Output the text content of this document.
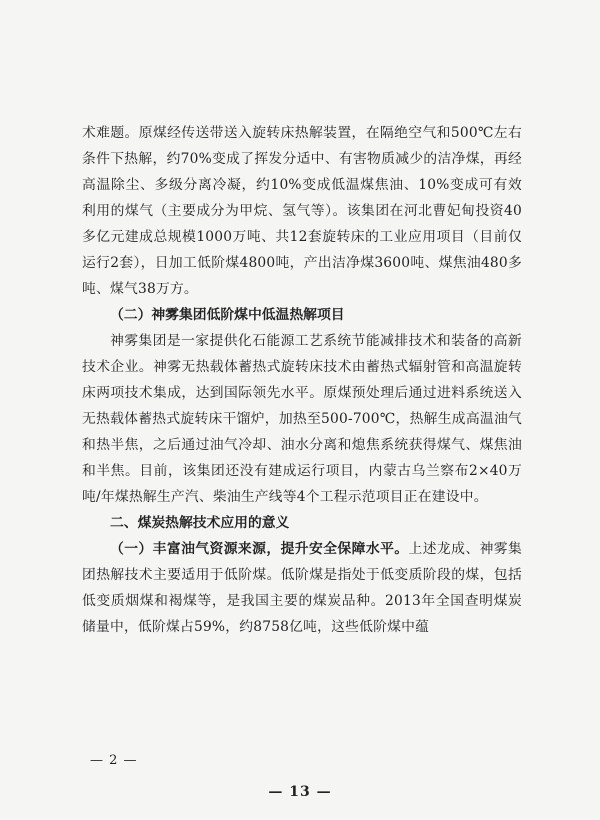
术难题。原煤经传送带送入旋转床热解装置，在隔绝空气和500℃左右条件下热解，约70%变成了挥发分适中、有害物质减少的洁净煤，再经高温除尘、多级分离冷凝，约10%变成低温煤焦油、10%变成可有效利用的煤气（主要成分为甲烷、氢气等）。该集团在河北曹妃甸投资40多亿元建成总规模1000万吨、共12套旋转床的工业应用项目（目前仅运行2套），日加工低阶煤4800吨，产出洁净煤3600吨、煤焦油480多吨、煤气38万方。

（二）神雾集团低阶煤中低温热解项目

神雾集团是一家提供化石能源工艺系统节能减排技术和装备的高新技术企业。神雾无热载体蓄热式旋转床技术由蓄热式辐射管和高温旋转床两项技术集成，达到国际领先水平。原煤预处理后通过进料系统送入无热载体蓄热式旋转床干馏炉，加热至500-700℃，热解生成高温油气和热半焦，之后通过油气冷却、油水分离和熄焦系统获得煤气、煤焦油和半焦。目前，该集团还没有建成运行项目，内蒙古乌兰察布2×40万吨/年煤热解生产汽、柴油生产线等4个工程示范项目正在建设中。

二、煤炭热解技术应用的意义

（一）丰富油气资源来源，提升安全保障水平。上述龙成、神雾集团热解技术主要适用于低阶煤。低阶煤是指处于低变质阶段的煤，包括低变质烟煤和褐煤等，是我国主要的煤炭品种。2013年全国查明煤炭储量中，低阶煤占59%，约8758亿吨，这些低阶煤中蕴

— 2 —
— 13 —
